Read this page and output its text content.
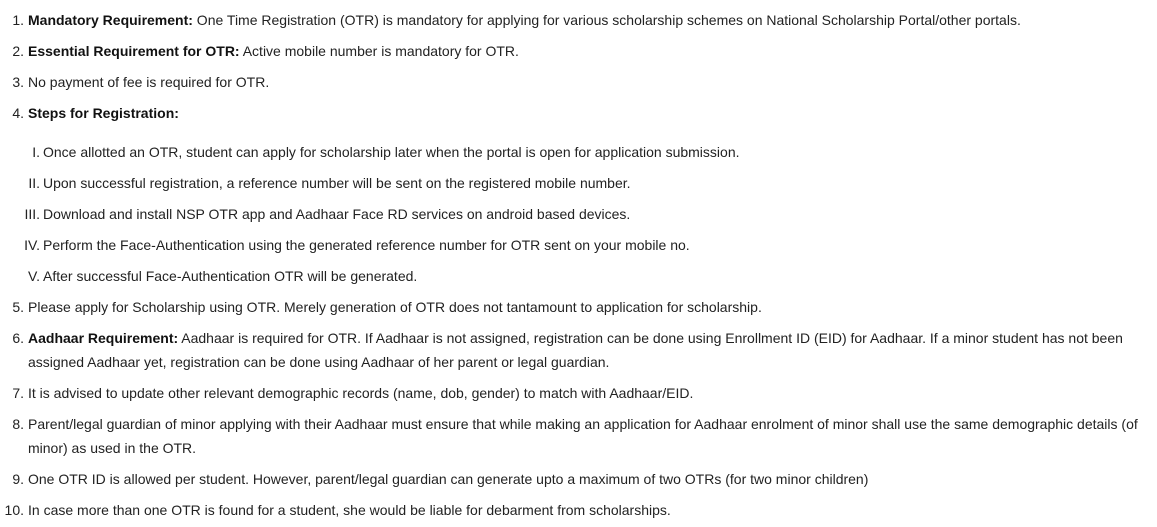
1. Mandatory Requirement: One Time Registration (OTR) is mandatory for applying for various scholarship schemes on National Scholarship Portal/other portals.
2. Essential Requirement for OTR: Active mobile number is mandatory for OTR.
3. No payment of fee is required for OTR.
4. Steps for Registration:
I. Once allotted an OTR, student can apply for scholarship later when the portal is open for application submission.
II. Upon successful registration, a reference number will be sent on the registered mobile number.
III. Download and install NSP OTR app and Aadhaar Face RD services on android based devices.
IV. Perform the Face-Authentication using the generated reference number for OTR sent on your mobile no.
V. After successful Face-Authentication OTR will be generated.
5. Please apply for Scholarship using OTR. Merely generation of OTR does not tantamount to application for scholarship.
6. Aadhaar Requirement: Aadhaar is required for OTR. If Aadhaar is not assigned, registration can be done using Enrollment ID (EID) for Aadhaar. If a minor student has not been assigned Aadhaar yet, registration can be done using Aadhaar of her parent or legal guardian.
7. It is advised to update other relevant demographic records (name, dob, gender) to match with Aadhaar/EID.
8. Parent/legal guardian of minor applying with their Aadhaar must ensure that while making an application for Aadhaar enrolment of minor shall use the same demographic details (of minor) as used in the OTR.
9. One OTR ID is allowed per student. However, parent/legal guardian can generate upto a maximum of two OTRs (for two minor children)
10. In case more than one OTR is found for a student, she would be liable for debarment from scholarships.
